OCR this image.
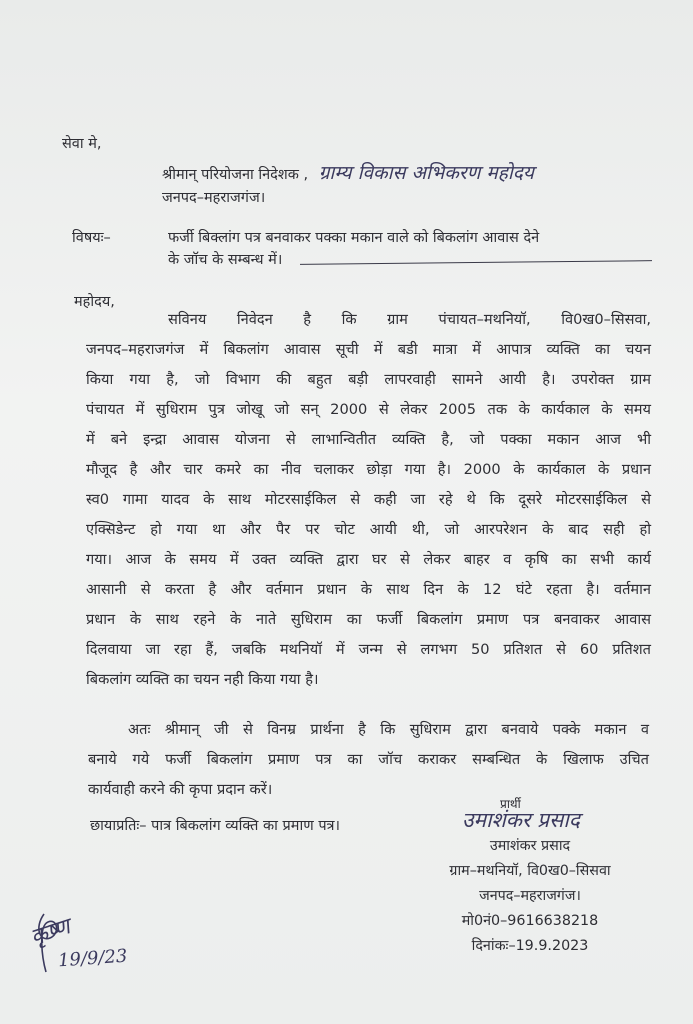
सेवा मे,
श्रीमान् परियोजना निदेशक , ग्राम्य विकास अभिकरण महोदय
जनपद–महराजगंज।
विषयः–	फर्जी बिक्लांग पत्र बनवाकर पक्का मकान वाले को बिकलांग आवास देने
के जॉच के सम्बन्ध में।
महोदय,

सविनय निवेदन है कि ग्राम पंचायत–मथनियॉ, वि0ख0–सिसवा,

जनपद–महराजगंज में बिकलांग आवास सूची में बडी मात्रा में आपात्र व्यक्ति का चयन

किया गया है, जो विभाग की बहुत बड़ी लापरवाही सामने आयी है। उपरोक्त ग्राम

पंचायत में सुधिराम पुत्र जोखू जो सन् 2000 से लेकर 2005 तक के कार्यकाल के समय

में बने इन्द्रा आवास योजना से लाभान्वितीत व्यक्ति है, जो पक्का मकान आज भी

मौजूद है और चार कमरे का नीव चलाकर छोड़ा गया है। 2000 के कार्यकाल के प्रधान

स्व0 गामा यादव के साथ मोटरसाईकिल से कही जा रहे थे कि दूसरे मोटरसाईकिल से

एक्सिडेन्ट हो गया था और पैर पर चोट आयी थी, जो आरपरेशन के बाद सही हो

गया। आज के समय में उक्त व्यक्ति द्वारा घर से लेकर बाहर व कृषि का सभी कार्य

आसानी से करता है और वर्तमान प्रधान के साथ दिन के 12 घंटे रहता है। वर्तमान

प्रधान के साथ रहने के नाते सुधिराम का फर्जी बिकलांग प्रमाण पत्र बनवाकर आवास

दिलवाया जा रहा हैं, जबकि मथनियॉ में जन्म से लगभग 50 प्रतिशत से 60 प्रतिशत

बिकलांग व्यक्ति का चयन नही किया गया है।

अतः श्रीमान् जी से विनम्र प्रार्थना है कि सुधिराम द्वारा बनवाये पक्के मकान व

बनाये गये फर्जी बिकलांग प्रमाण पत्र का जॉच कराकर सम्बन्धित के खिलाफ उचित

कार्यवाही करने की कृपा प्रदान करें।

छायाप्रतिः– पात्र बिकलांग व्यक्ति का प्रमाण पत्र।
प्रार्थी
उमाशंकर प्रसाद
उमाशंकर प्रसाद
ग्राम–मथनियॉ, वि0ख0–सिसवा
जनपद–महराजगंज।
मो0नं0–9616638218
दिनांकः–19.9.2023
कृष्ण
19/9/23
